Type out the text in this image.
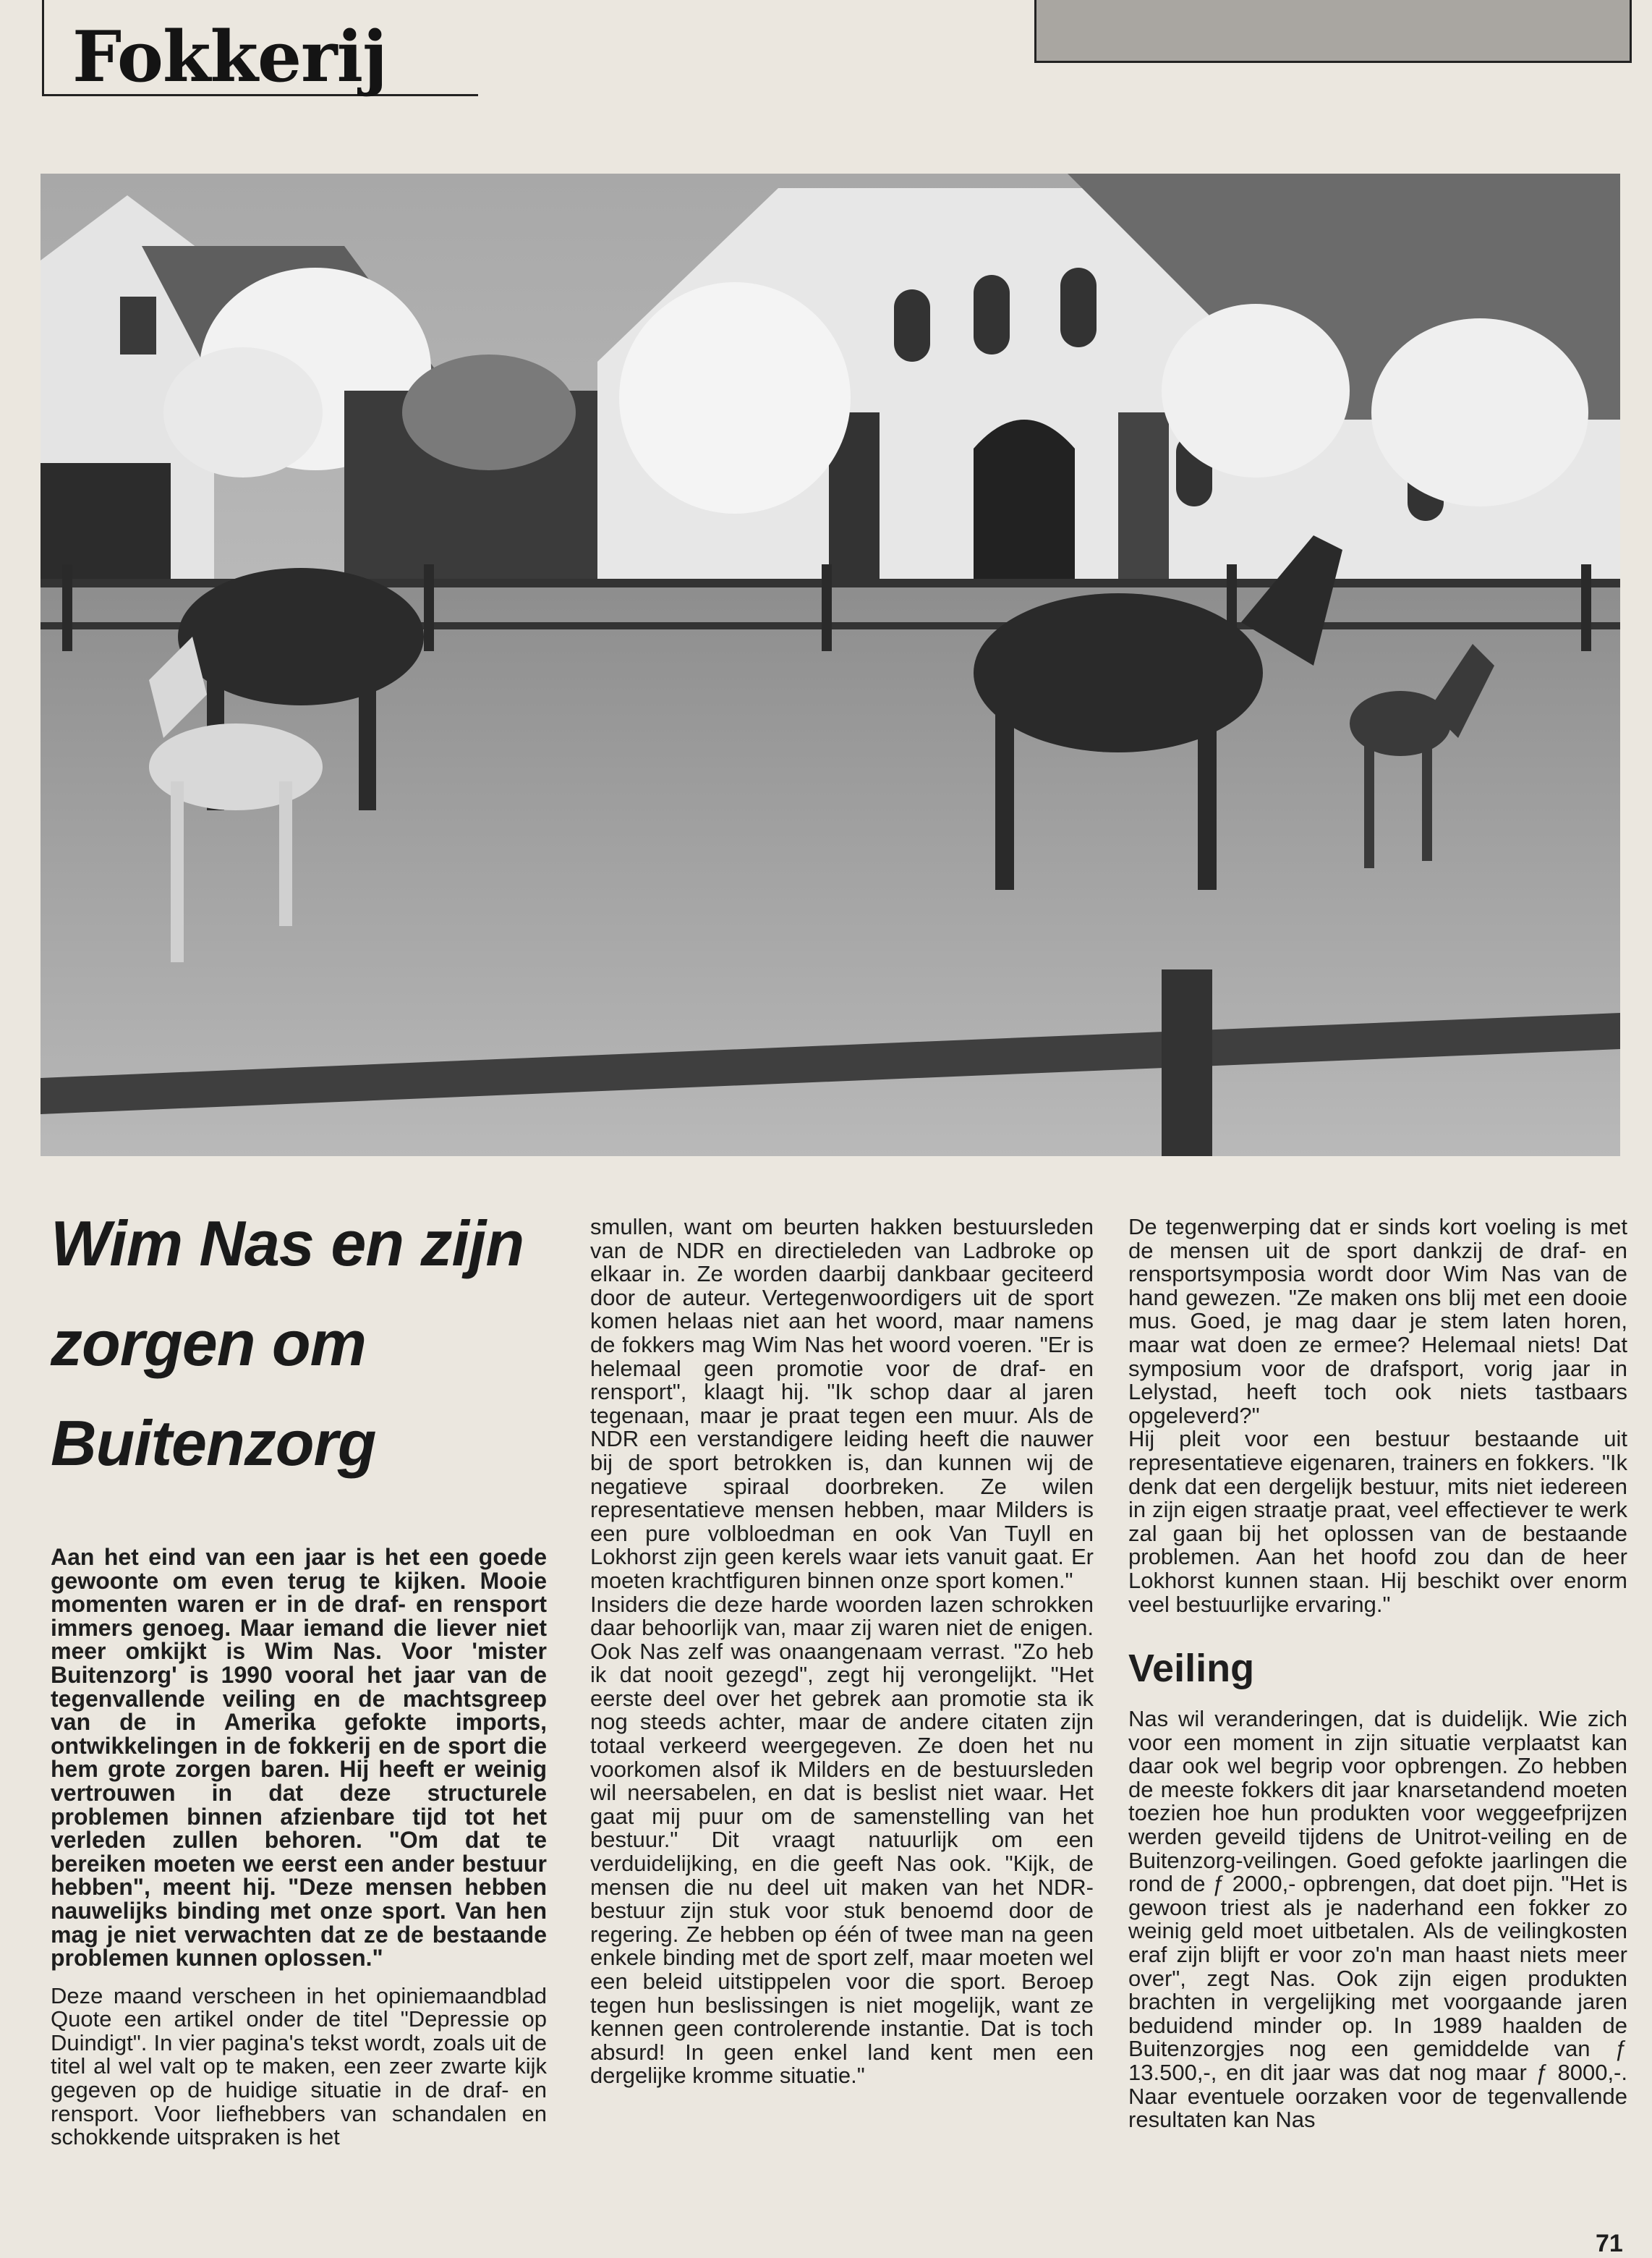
Fokkerij
Wim Nas en zijn zorgen om Buitenzorg

Aan het eind van een jaar is het een goede gewoonte om even terug te kijken. Mooie momenten waren er in de draf- en rensport immers genoeg. Maar iemand die liever niet meer omkijkt is Wim Nas. Voor 'mister Buitenzorg' is 1990 vooral het jaar van de tegenvallende veiling en de machtsgreep van de in Amerika gefokte imports, ontwikkelingen in de fokkerij en de sport die hem grote zorgen baren. Hij heeft er weinig vertrouwen in dat deze structurele problemen binnen afzienbare tijd tot het verleden zullen behoren. "Om dat te bereiken moeten we eerst een ander bestuur hebben", meent hij. "Deze mensen hebben nauwelijks binding met onze sport. Van hen mag je niet verwachten dat ze de bestaande problemen kunnen oplossen."

Deze maand verscheen in het opiniemaandblad Quote een artikel onder de titel "Depressie op Duindigt". In vier pagina's tekst wordt, zoals uit de titel al wel valt op te maken, een zeer zwarte kijk gegeven op de huidige situatie in de draf- en rensport. Voor liefhebbers van schandalen en schokkende uitspraken is het

smullen, want om beurten hakken bestuursleden van de NDR en directieleden van Ladbroke op elkaar in. Ze worden daarbij dankbaar geciteerd door de auteur. Vertegenwoordigers uit de sport komen helaas niet aan het woord, maar namens de fokkers mag Wim Nas het woord voeren. "Er is helemaal geen promotie voor de draf- en rensport", klaagt hij. "Ik schop daar al jaren tegenaan, maar je praat tegen een muur. Als de NDR een verstandigere leiding heeft die nauwer bij de sport betrokken is, dan kunnen wij de negatieve spiraal doorbreken. Ze wilen representatieve mensen hebben, maar Milders is een pure volbloedman en ook Van Tuyll en Lokhorst zijn geen kerels waar iets vanuit gaat. Er moeten krachtfiguren binnen onze sport komen."

Insiders die deze harde woorden lazen schrokken daar behoorlijk van, maar zij waren niet de enigen. Ook Nas zelf was onaangenaam verrast. "Zo heb ik dat nooit gezegd", zegt hij verongelijkt. "Het eerste deel over het gebrek aan promotie sta ik nog steeds achter, maar de andere citaten zijn totaal verkeerd weergegeven. Ze doen het nu voorkomen alsof ik Milders en de bestuursleden wil neersabelen, en dat is beslist niet waar. Het gaat mij puur om de samenstelling van het bestuur." Dit vraagt natuurlijk om een verduidelijking, en die geeft Nas ook. "Kijk, de mensen die nu deel uit maken van het NDR-bestuur zijn stuk voor stuk benoemd door de regering. Ze hebben op één of twee man na geen enkele binding met de sport zelf, maar moeten wel een beleid uitstippelen voor die sport. Beroep tegen hun beslissingen is niet mogelijk, want ze kennen geen controlerende instantie. Dat is toch absurd! In geen enkel land kent men een dergelijke kromme situatie."

De tegenwerping dat er sinds kort voeling is met de mensen uit de sport dankzij de draf- en rensportsymposia wordt door Wim Nas van de hand gewezen. "Ze maken ons blij met een dooie mus. Goed, je mag daar je stem laten horen, maar wat doen ze ermee? Helemaal niets! Dat symposium voor de drafsport, vorig jaar in Lelystad, heeft toch ook niets tastbaars opgeleverd?"

Hij pleit voor een bestuur bestaande uit representatieve eigenaren, trainers en fokkers. "Ik denk dat een dergelijk bestuur, mits niet iedereen in zijn eigen straatje praat, veel effectiever te werk zal gaan bij het oplossen van de bestaande problemen. Aan het hoofd zou dan de heer Lokhorst kunnen staan. Hij beschikt over enorm veel bestuurlijke ervaring."

Veiling

Nas wil veranderingen, dat is duidelijk. Wie zich voor een moment in zijn situatie verplaatst kan daar ook wel begrip voor opbrengen. Zo hebben de meeste fokkers dit jaar knarsetandend moeten toezien hoe hun produkten voor weggeefprijzen werden geveild tijdens de Unitrot-veiling en de Buitenzorg-veilingen. Goed gefokte jaarlingen die rond de ƒ 2000,- opbrengen, dat doet pijn. "Het is gewoon triest als je naderhand een fokker zo weinig geld moet uitbetalen. Als de veilingkosten eraf zijn blijft er voor zo'n man haast niets meer over", zegt Nas. Ook zijn eigen produkten brachten in vergelijking met voorgaande jaren beduidend minder op. In 1989 haalden de Buitenzorgjes nog een gemiddelde van ƒ 13.500,-, en dit jaar was dat nog maar ƒ 8000,-. Naar eventuele oorzaken voor de tegenvallende resultaten kan Nas

71
